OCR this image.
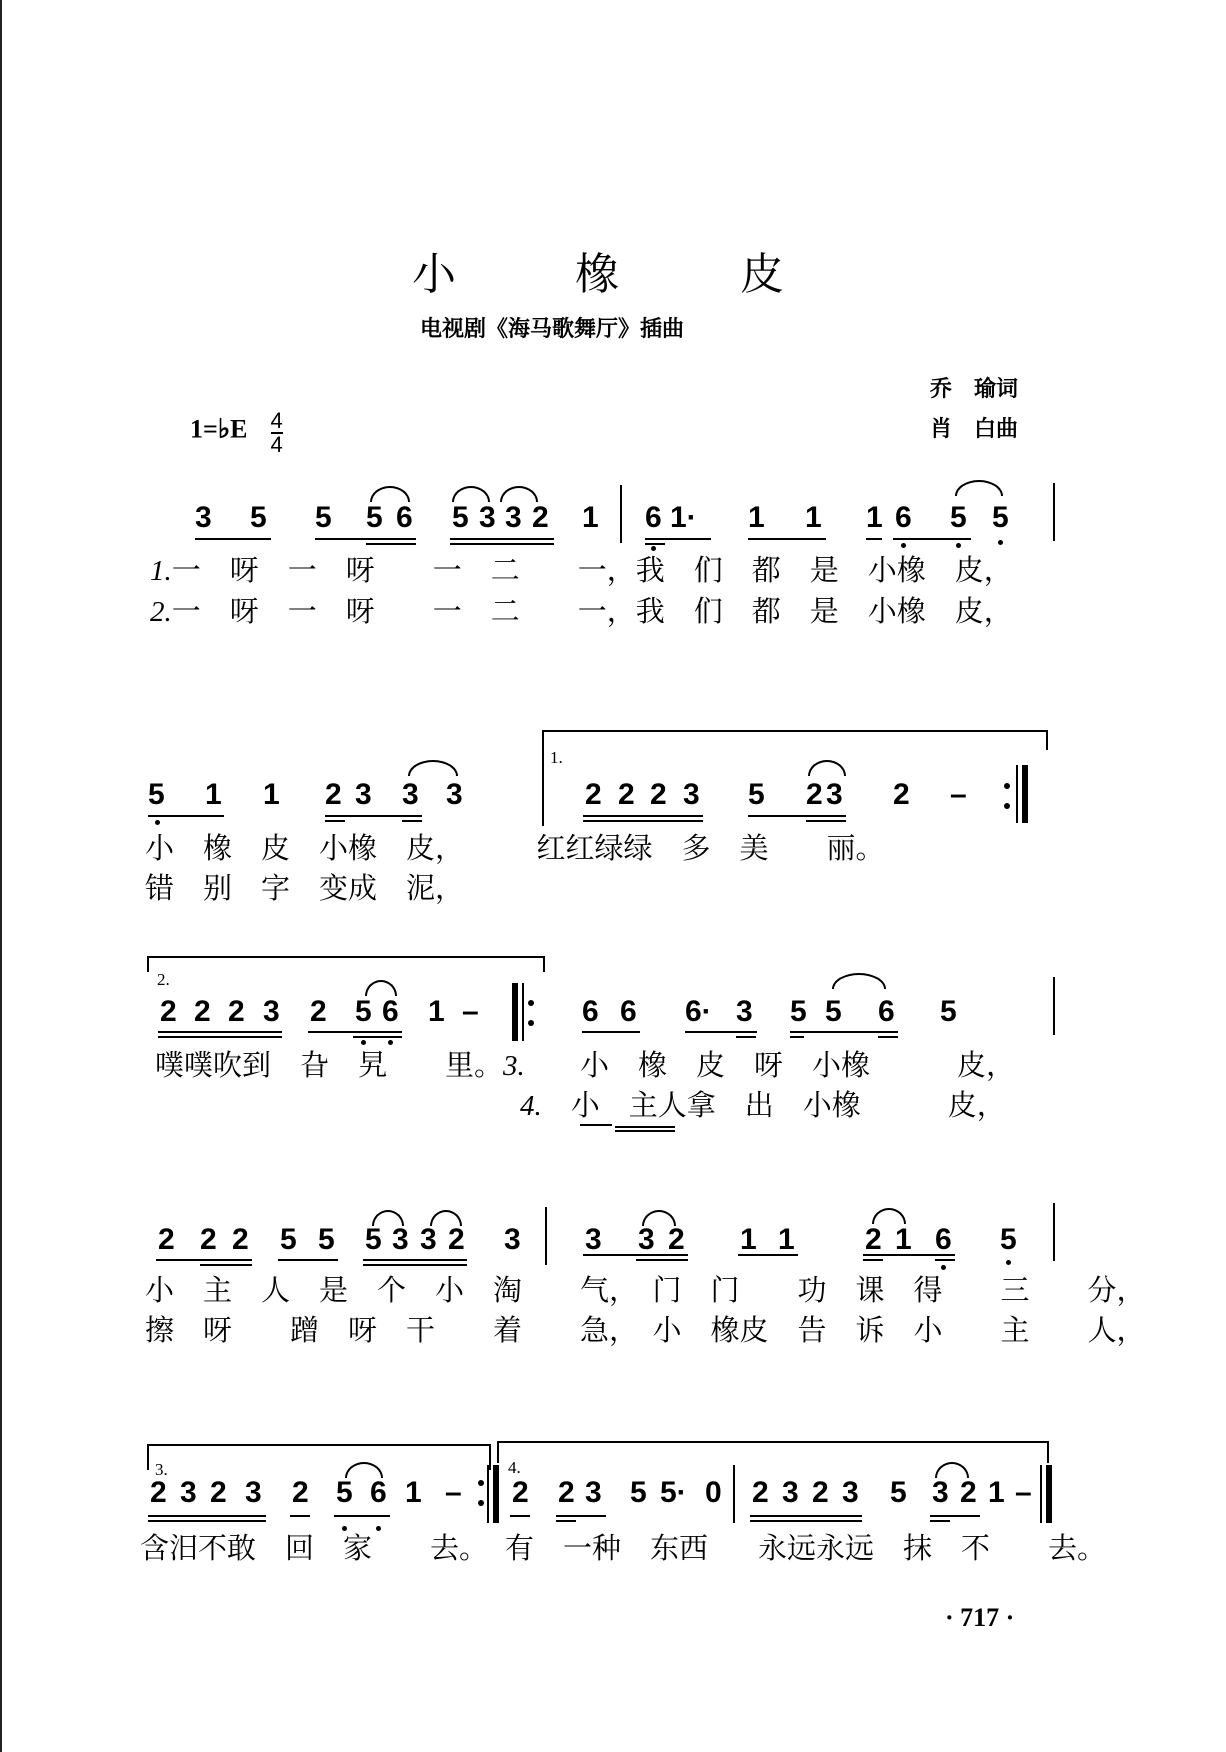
小	橡	皮
电视剧《海马歌舞厅》插曲
乔　瑜词
肖　白曲
1=♭E $\frac{4}{4}$
3 5 5 5 6 5 3 3 2 1 6 1· 1 1 1 6 5 5
1.一　呀　一　呀　　一　二　　一，我　们　都　是　小橡　皮，
2.一　呀　一　呀　　一　二　　一，我　们　都　是　小橡　皮，
1.
5 1 1 2 3 3 3	2 2 2 3 5 2 3 2 –
小　橡　皮　小橡　皮，　　　红红绿绿　多　美　　丽。
错　别　字　变成　泥，
2.
2 2 2 3 2 5 6 1 –	6 6 6· 3 5 5 6 5
噗噗吹到　旮　旯　　里。3. 小　橡　皮　呀　小橡　　　皮，
4.　 小　主人拿　出　小橡　　　皮，
2 2 2 5 5 5 3 3 2 3 3 3 2 1 1 2 1 6 5
小　主　人　是　个　小　淘　　气，　门　门　　功　课　得　　三　　分，
擦　呀　　蹭　呀　干　　着　　急，　小　橡皮　告　诉　小　　主　　人，
3.	4.
2 3 2 3 2 5 6 1 – 2 2 3 5 5· 0 2 3 2 3 5 3 2 1 –
含汨不敢　回　家　　去。 有　一种　东西 永远永远　抹　不　　去。
· 717 ·
